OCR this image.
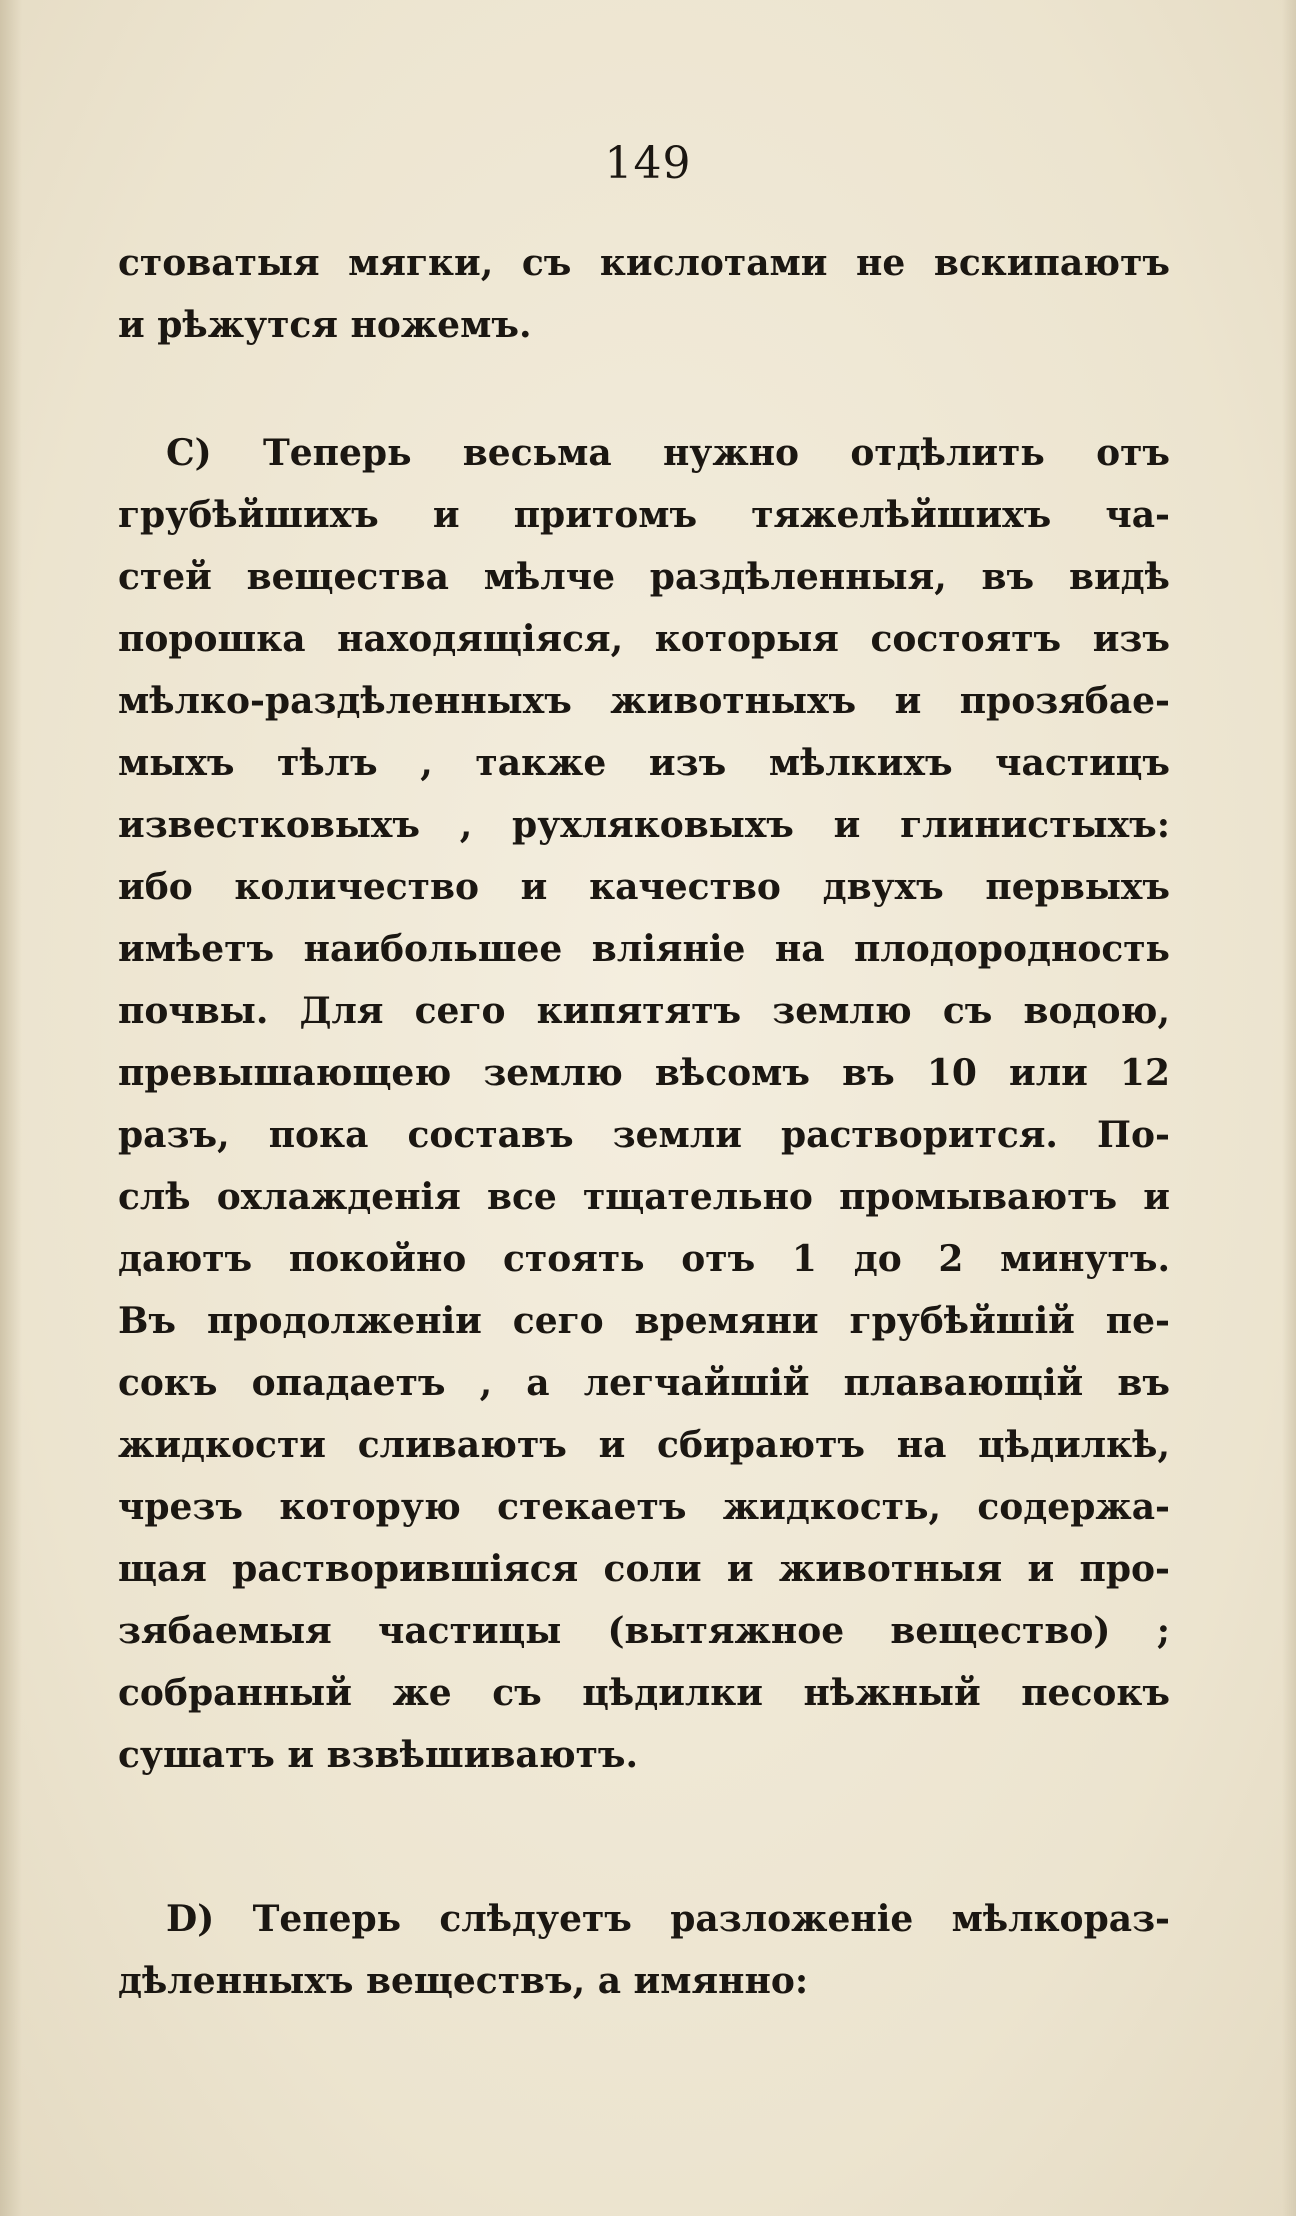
149
стоватыя мягки, съ кислотами не вскипаютъ
и рѣжутся ножемъ.
С) Теперь весьма нужно отдѣлить отъ
грубѣйшихъ и притомъ тяжелѣйшихъ ча-
стей вещества мѣлче раздѣленныя, въ видѣ
порошка находящіяся, которыя состоятъ изъ
мѣлко-раздѣленныхъ животныхъ и прозябае-
мыхъ тѣлъ , также изъ мѣлкихъ частицъ
известковыхъ , рухляковыхъ и глинистыхъ:
ибо количество и качество двухъ первыхъ
имѣетъ наибольшее вліяніе на плодородность
почвы. Для сего кипятятъ землю съ водою,
превышающею землю вѣсомъ въ 10 или 12
разъ, пока составъ земли растворится. По-
слѣ охлажденія все тщательно промываютъ и
даютъ покойно стоять отъ 1 до 2 минутъ.
Въ продолженіи сего времяни грубѣйшій пе-
сокъ опадаетъ , а легчайшій плавающій въ
жидкости сливаютъ и сбираютъ на цѣдилкѣ,
чрезъ которую стекаетъ жидкость, содержа-
щая растворившіяся соли и животныя и про-
зябаемыя частицы (вытяжное вещество) ;
собранный же съ цѣдилки нѣжный песокъ
сушатъ и взвѣшиваютъ.
D) Теперь слѣдуетъ разложеніе мѣлкораз-
дѣленныхъ веществъ, а имянно:
